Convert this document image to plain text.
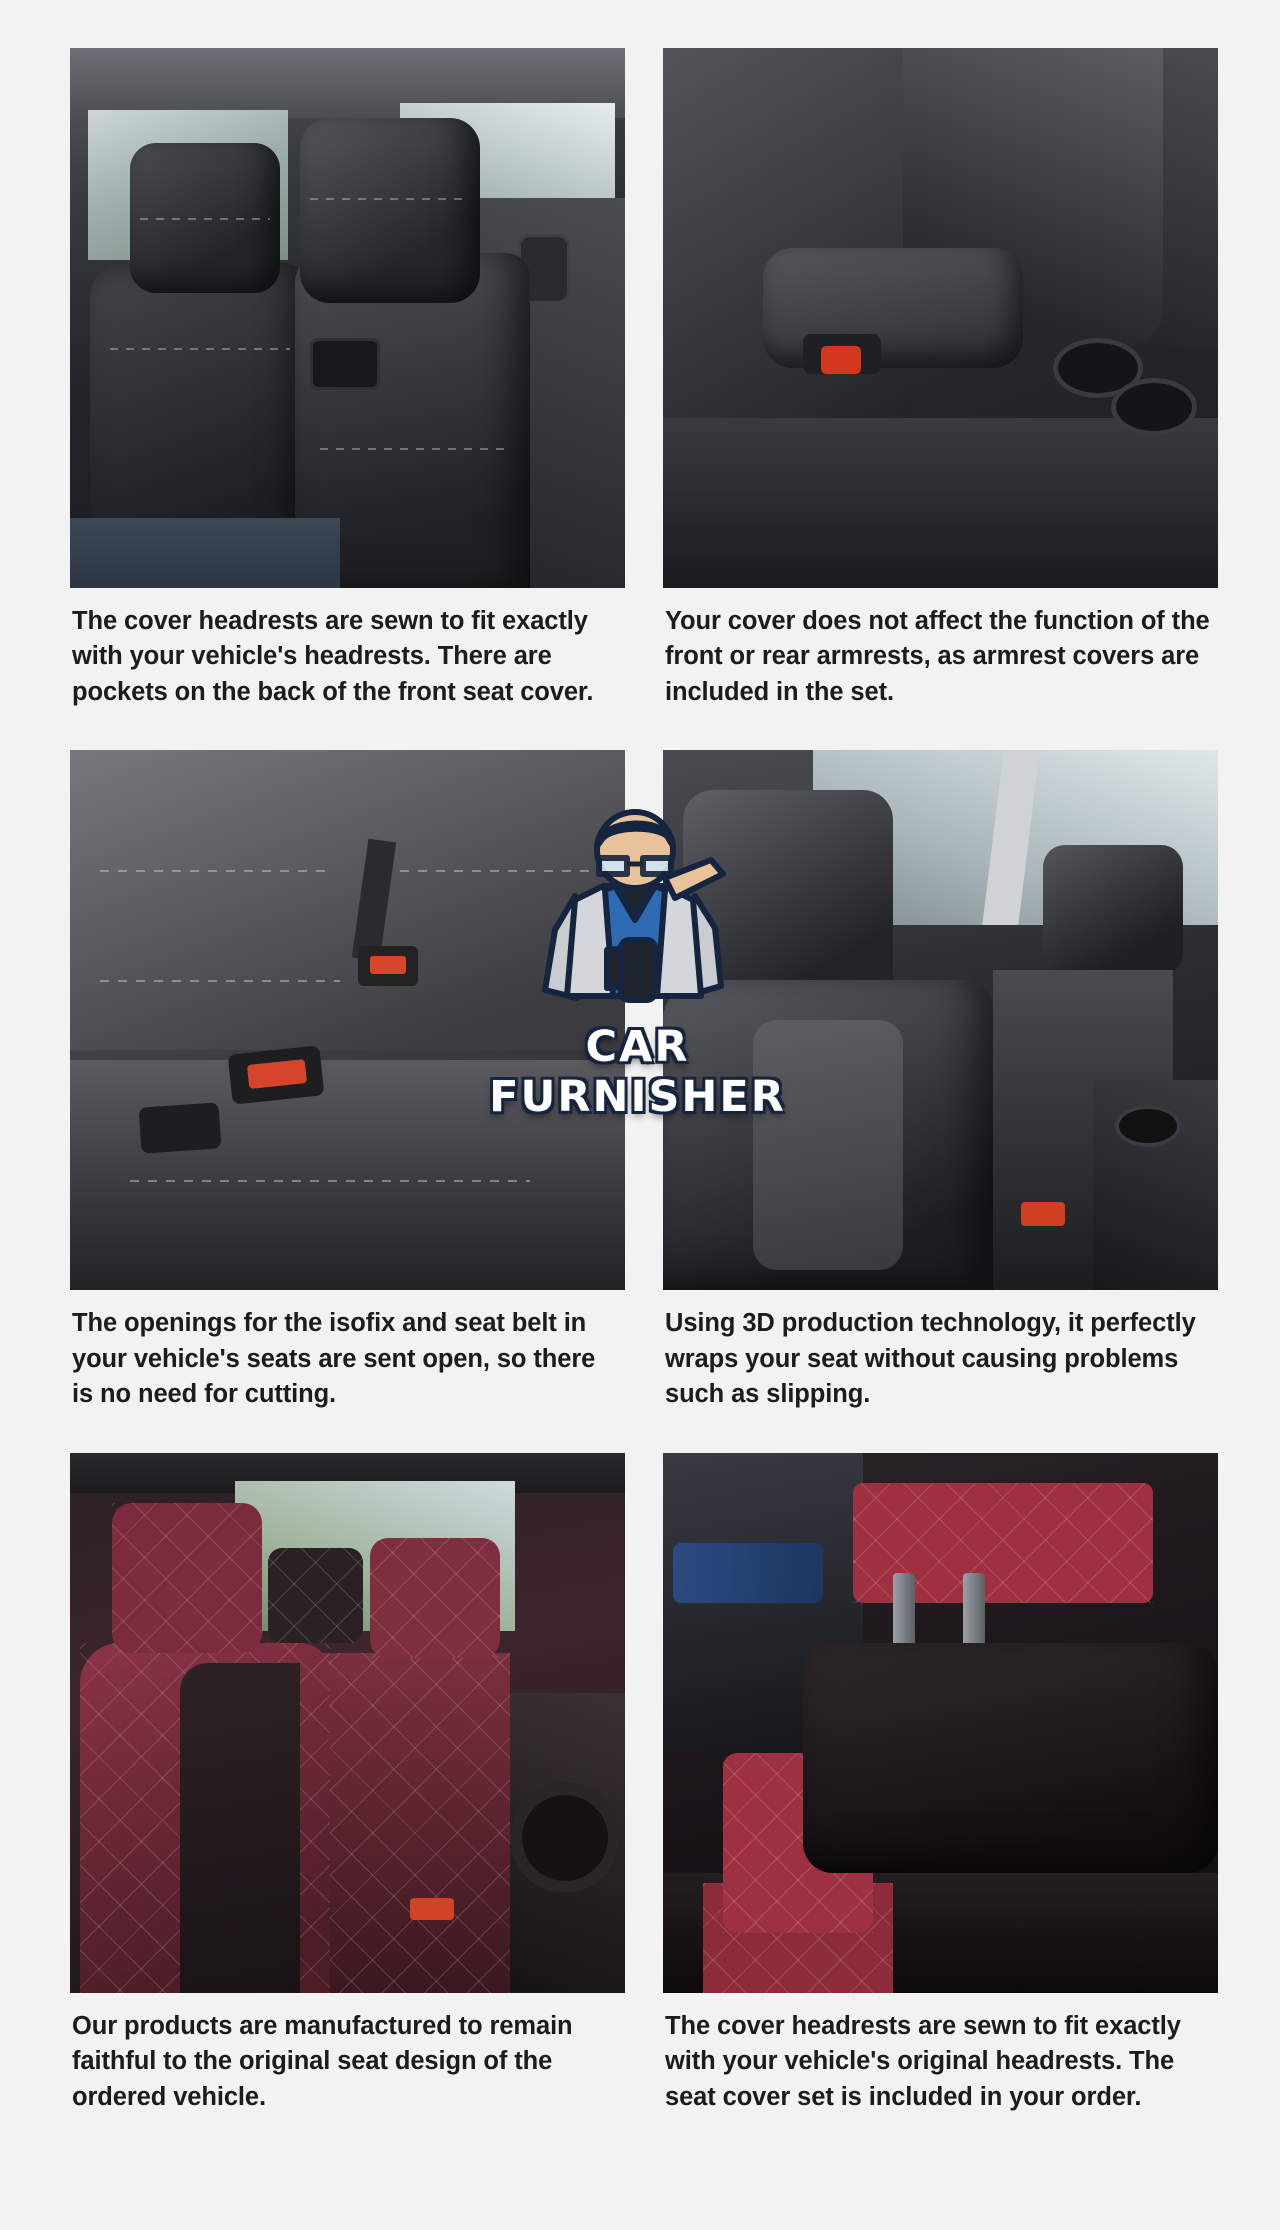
The cover headrests are sewn to fit exactly with your vehicle's headrests. There are pockets on the back of the front seat cover.
Your cover does not affect the function of the front or rear armrests, as armrest covers are included in the set.
The openings for the isofix and seat belt in your vehicle's seats are sent open, so there is no need for cutting.
Using 3D production technology, it perfectly wraps your seat without causing problems such as slipping.
Our products are manufactured to remain faithful to the original seat design of the ordered vehicle.
The cover headrests are sewn to fit exactly with your vehicle's original headrests. The seat cover set is included in your order.
CAR FURNISHER
